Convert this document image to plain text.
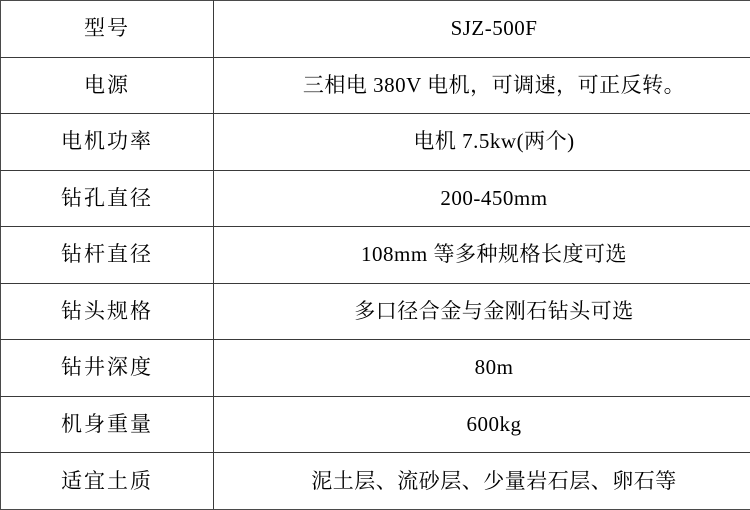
型号	SJZ-500F
电源	三相电 380V 电机，可调速，可正反转。
电机功率	电机 7.5kw(两个)
钻孔直径	200-450mm
钻杆直径	108mm 等多种规格长度可选
钻头规格	多口径合金与金刚石钻头可选
钻井深度	80m
机身重量	600kg
适宜土质	泥土层、流砂层、少量岩石层、卵石等
